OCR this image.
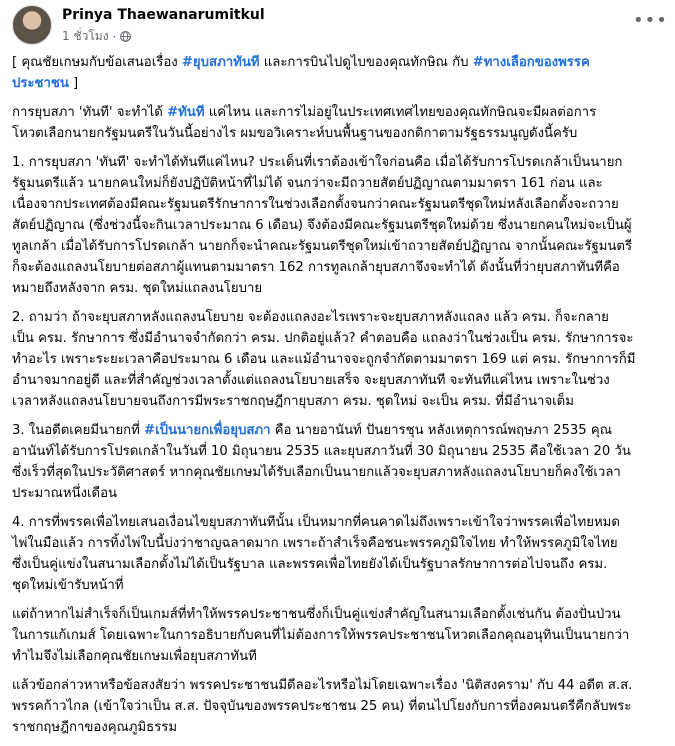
Prinya Thaewanarumitkul
1 ชั่วโมง ·
•••
[ คุณชัยเกษมกับข้อเสนอเรื่อง #ยุบสภาทันที และการบินไปดูไบของคุณทักษิณ กับ #ทางเลือกของพรรค
ประชาชน ]
การยุบสภา 'ทันที' จะทำได้ #ทันที แค่ไหน และการไม่อยู่ในประเทศเทศไทยของคุณทักษิณจะมีผลต่อการ
โหวตเลือกนายกรัฐมนตรีในวันนี้อย่างไร ผมขอวิเคราะห์บนพื้นฐานของกติกาตามรัฐธรรมนูญดังนี้ครับ
1. การยุบสภา 'ทันที' จะทำได้ทันทีแค่ไหน? ประเด็นที่เราต้องเข้าใจก่อนคือ เมื่อได้รับการโปรดเกล้าเป็นนายก
รัฐมนตรีแล้ว นายกคนใหม่ก็ยังปฏิบัติหน้าที่ไม่ได้ จนกว่าจะมีถวายสัตย์ปฏิญาณตามมาตรา 161 ก่อน และ
เนื่องจากประเทศต้องมีคณะรัฐมนตรีรักษาการในช่วงเลือกตั้งจนกว่าคณะรัฐมนตรีชุดใหม่หลังเลือกตั้งจะถวาย
สัตย์ปฏิญาณ (ซึ่งช่วงนี้จะกินเวลาประมาณ 6 เดือน) จึงต้องมีคณะรัฐมนตรีชุดใหม่ด้วย ซึ่งนายกคนใหม่จะเป็นผู้
ทูลเกล้า เมื่อได้รับการโปรดเกล้า นายกก็จะนำคณะรัฐมนตรีชุดใหม่เข้าถวายสัตย์ปฏิญาณ จากนั้นคณะรัฐมนตรี
ก็จะต้องแถลงนโยบายต่อสภาผู้แทนตามมาตรา 162 การทูลเกล้ายุบสภาจึงจะทำได้ ดังนั้นที่ว่ายุบสภาทันทีคือ
หมายถึงหลังจาก ครม. ชุดใหม่แถลงนโยบาย
2. ถามว่า ถ้าจะยุบสภาหลังแถลงนโยบาย จะต้องแถลงอะไรเพราะจะยุบสภาหลังแถลง แล้ว ครม. ก็จะกลาย
เป็น ครม. รักษาการ ซึ่งมีอำนาจจำกัดกว่า ครม. ปกติอยู่แล้ว? คำตอบคือ แถลงว่าในช่วงเป็น ครม. รักษาการจะ
ทำอะไร เพราะระยะเวลาคือประมาณ 6 เดือน และแม้อำนาจจะถูกจำกัดตามมาตรา 169 แต่ ครม. รักษาการก็มี
อำนาจมากอยู่ดี และที่สำคัญช่วงเวลาตั้งแต่แถลงนโยบายเสร็จ จะยุบสภาทันที จะทันทีแค่ไหน เพราะในช่วง
เวลาหลังแถลงนโยบายจนถึงการมีพระราชกฤษฎีกายุบสภา ครม. ชุดใหม่ จะเป็น ครม. ที่มีอำนาจเต็ม
3. ในอดีตเคยมีนายกที่ #เป็นนายกเพื่อยุบสภา คือ นายอานันท์ ปันยารชุน หลังเหตุการณ์พฤษภา 2535 คุณ
อานันท์ได้รับการโปรดเกล้าในวันที่ 10 มิถุนายน 2535 และยุบสภาวันที่ 30 มิถุนายน 2535 คือใช้เวลา 20 วัน
ซึ่งเร็วที่สุดในประวัติศาสตร์ หากคุณชัยเกษมได้รับเลือกเป็นนายกแล้วจะยุบสภาหลังแถลงนโยบายก็คงใช้เวลา
ประมาณหนึ่งเดือน
4. การที่พรรคเพื่อไทยเสนอเงื่อนไขยุบสภาทันทีนั้น เป็นหมากที่คนคาดไม่ถึงเพราะเข้าใจว่าพรรคเพื่อไทยหมด
ไพ่ในมือแล้ว การทิ้งไพ่ใบนี้บ่งว่าชาญฉลาดมาก เพราะถ้าสำเร็จคือชนะพรรคภูมิใจไทย ทำให้พรรคภูมิใจไทย
ซึ่งเป็นคู่แข่งในสนามเลือกตั้งไม่ได้เป็นรัฐบาล และพรรคเพื่อไทยยังได้เป็นรัฐบาลรักษาการต่อไปจนถึง ครม.
ชุดใหม่เข้ารับหน้าที่
แต่ถ้าหากไม่สำเร็จก็เป็นเกมส์ที่ทำให้พรรคประชาชนซึ่งก็เป็นคู่แข่งสำคัญในสนามเลือกตั้งเช่นกัน ต้องปั่นป่วน
ในการแก้เกมส์ โดยเฉพาะในการอธิบายกับคนที่ไม่ต้องการให้พรรคประชาชนโหวตเลือกคุณอนุทินเป็นนายกว่า
ทำไมจึงไม่เลือกคุณชัยเกษมเพื่อยุบสภาทันที
แล้วข้อกล่าวหาหรือข้อสงสัยว่า พรรคประชาชนมีดีลอะไรหรือไม่โดยเฉพาะเรื่อง 'นิติสงคราม' กับ 44 อดีต ส.ส.
พรรคก้าวไกล (เข้าใจว่าเป็น ส.ส. ปัจจุบันของพรรคประชาชน 25 คน) ที่ตนไปโยงกับการที่องคมนตรีคืกลับพระ
ราชกฤษฎีกาของคุณภูมิธรรม
